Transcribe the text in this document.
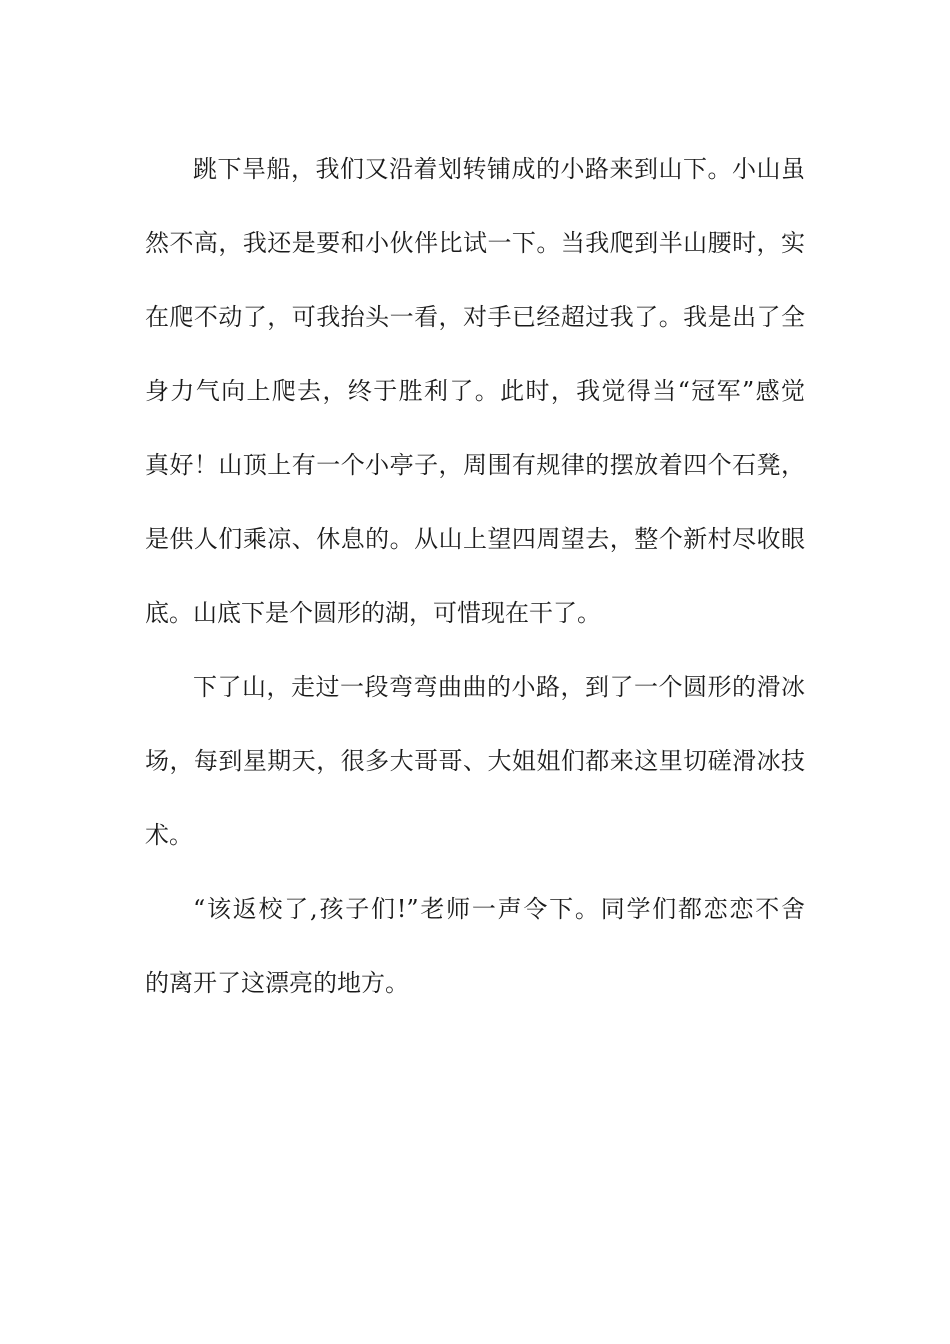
跳下旱船，我们又沿着划转铺成的小路来到山下。小山虽
然不高，我还是要和小伙伴比试一下。当我爬到半山腰时，实
在爬不动了，可我抬头一看，对手已经超过我了。我是出了全
身力气向上爬去，终于胜利了。此时，我觉得当“冠军”感觉
真好！山顶上有一个小亭子，周围有规律的摆放着四个石凳，
是供人们乘凉、休息的。从山上望四周望去，整个新村尽收眼
底。山底下是个圆形的湖，可惜现在干了。
下了山，走过一段弯弯曲曲的小路，到了一个圆形的滑冰
场，每到星期天，很多大哥哥、大姐姐们都来这里切磋滑冰技
术。
“该返校了,孩子们!”老师一声令下。同学们都恋恋不舍
的离开了这漂亮的地方。
